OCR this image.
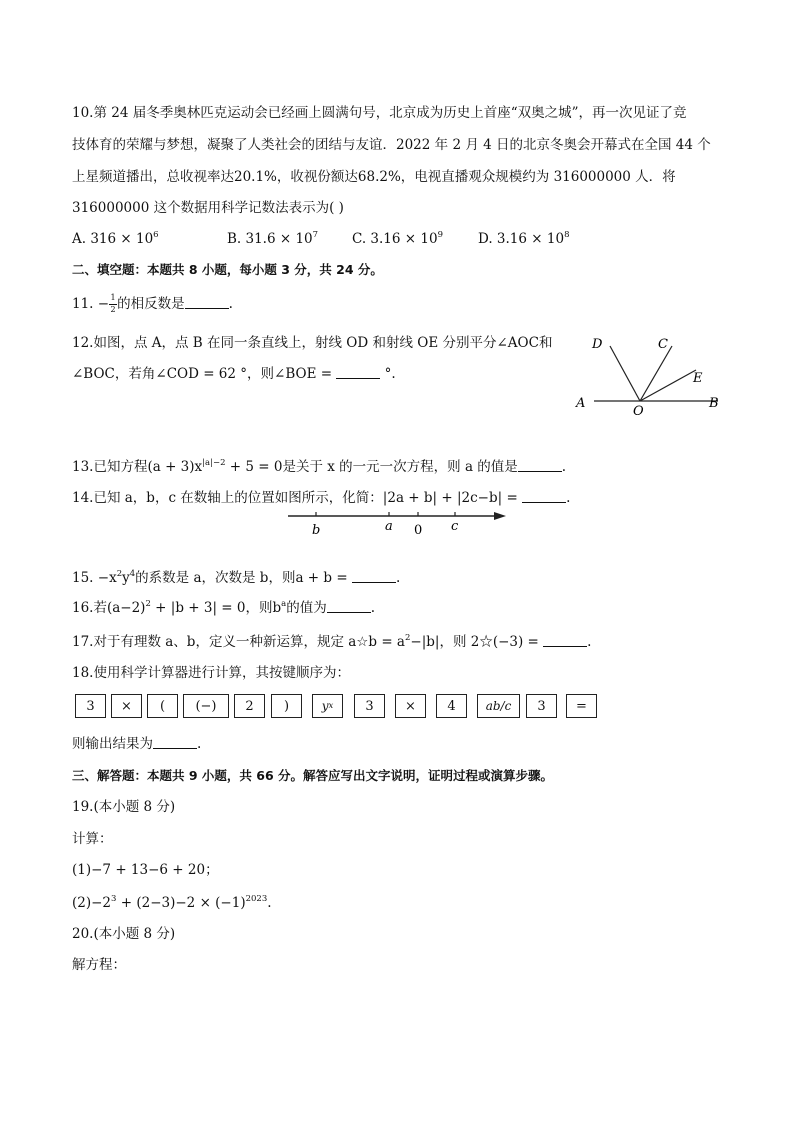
10.第 24 届冬季奥林匹克运动会已经画上圆满句号，北京成为历史上首座“双奥之城”，再一次见证了竞
技体育的荣耀与梦想，凝聚了人类社会的团结与友谊．2022 年 2 月 4 日的北京冬奥会开幕式在全国 44 个
上星频道播出，总收视率达20.1%，收视份额达68.2%，电视直播观众规模约为 316000000 人．将
316000000 这个数据用科学记数法表示为( )
A. $316 \times 10^6$	B. $31.6 \times 10^7$	C. $3.16 \times 10^9$	D. $3.16 \times 10^8$
二、填空题：本题共 8 小题，每小题 3 分，共 24 分。
11. − $\frac{1}{2}$ 的相反数是	.
12.如图，点 A，点 B 在同一条直线上，射线 OD 和射线 OE 分别平分∠AOC和
∠BOC，若角∠COD = 62 °，则∠BOE =	°.
D	C
E
A
O
B
13.已知方程$(a + 3)x^{|a|-2} + 5 = 0$是关于 x 的一元一次方程，则 a 的值是	.
14.已知 a，b，c 在数轴上的位置如图所示，化简：|2a + b| + |2c−b| =	.
b	a 0 c
15. $-x^2y^4$的系数是 a，次数是 b，则a + b =	.
16.若$(a-2)^2 + |b + 3| = 0$，则$b^a$的值为	.
17.对于有理数 a、b，定义一种新运算，规定 a☆b = $a^2-|b|$，则 2☆(−3) =	.
18.使用科学计算器进行计算，其按键顺序为：
3	×	(	(−)	2	)	y x	3	×	4	ab/c	3	=
则输出结果为	.
三、解答题：本题共 9 小题，共 66 分。解答应写出文字说明，证明过程或演算步骤。
19.(本小题 8 分)
计算：
(1)−7 + 13−6 + 20；
$(2)-2^3 + (2-3)-2 \times (-1)^{2023}$.
20.(本小题 8 分)
解方程：
